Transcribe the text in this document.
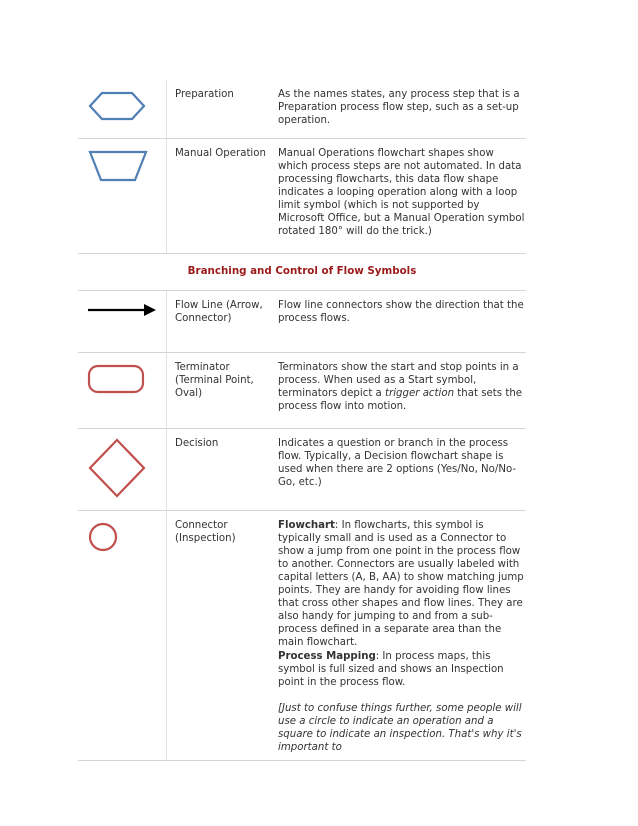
	Preparation	As the names states, any process step that is a Preparation process flow step, such as a set-up operation.

	Manual Operation	Manual Operations flowchart shapes show which process steps are not automated. In data processing flowcharts, this data flow shape indicates a looping operation along with a loop limit symbol (which is not supported by Microsoft Office, but a Manual Operation symbol rotated 180° will do the trick.)
Branching and Control of Flow Symbols		

	Flow Line (Arrow, Connector)	Flow line connectors show the direction that the process flows.

	Terminator (Terminal Point, Oval)	Terminators show the start and stop points in a process. When used as a Start symbol, terminators depict a trigger action that sets the process flow into motion.

	Decision	Indicates a question or branch in the process flow. Typically, a Decision flowchart shape is used when there are 2 options (Yes/No, No/No-Go, etc.)

	Connector (Inspection)	Flowchart: In flowcharts, this symbol is typically small and is used as a Connector to show a jump from one point in the process flow to another. Connectors are usually labeled with capital letters (A, B, AA) to show matching jump points. They are handy for avoiding flow lines that cross other shapes and flow lines. They are also handy for jumping to and from a sub-process defined in a separate area than the main flowchart.

Process Mapping: In process maps, this symbol is full sized and shows an Inspection point in the process flow.

[Just to confuse things further, some people will use a circle to indicate an operation and a square to indicate an inspection. That's why it's important to
